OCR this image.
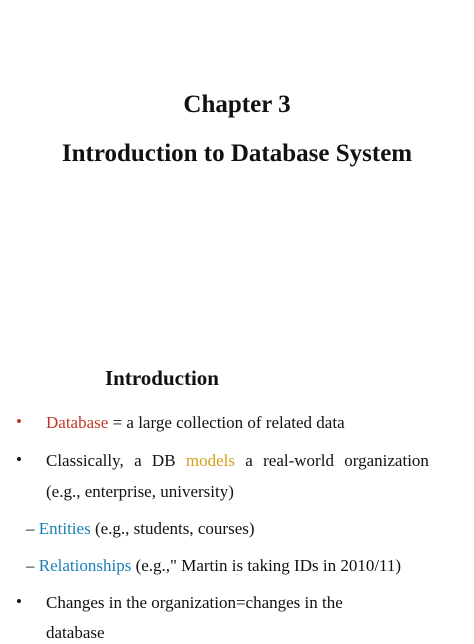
Chapter 3
Introduction to Database System
Introduction
• Database = a large collection of related data
• Classically, a DB models a real-world organization
(e.g., enterprise, university)
– Entities (e.g., students, courses)
– Relationships (e.g.," Martin is taking IDs in 2010/11)
• Changes in the organization=changes in the
database
